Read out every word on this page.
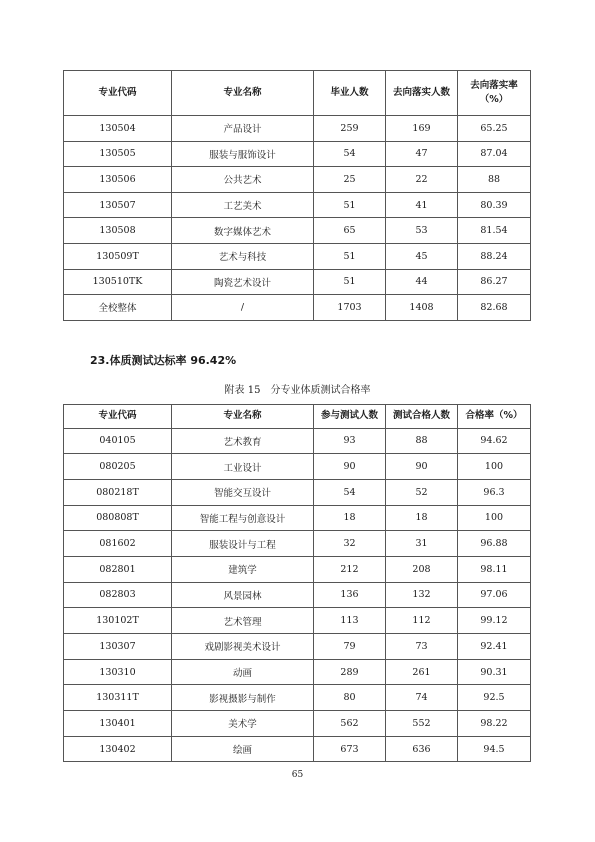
专业代码	专业名称	毕业人数	去向落实人数	去向落实率
（%）
130504	产品设计	259	169	65.25
130505	服装与服饰设计	54	47	87.04
130506	公共艺术	25	22	88
130507	工艺美术	51	41	80.39
130508	数字媒体艺术	65	53	81.54
130509T	艺术与科技	51	45	88.24
130510TK	陶瓷艺术设计	51	44	86.27
全校整体	/	1703	1408	82.68

23.体质测试达标率 96.42%

附表 15　分专业体质测试合格率

专业代码	专业名称	参与测试人数	测试合格人数	合格率（%）
040105	艺术教育	93	88	94.62
080205	工业设计	90	90	100
080218T	智能交互设计	54	52	96.3
080808T	智能工程与创意设计	18	18	100
081602	服装设计与工程	32	31	96.88
082801	建筑学	212	208	98.11
082803	风景园林	136	132	97.06
130102T	艺术管理	113	112	99.12
130307	戏剧影视美术设计	79	73	92.41
130310	动画	289	261	90.31
130311T	影视摄影与制作	80	74	92.5
130401	美术学	562	552	98.22
130402	绘画	673	636	94.5

65
